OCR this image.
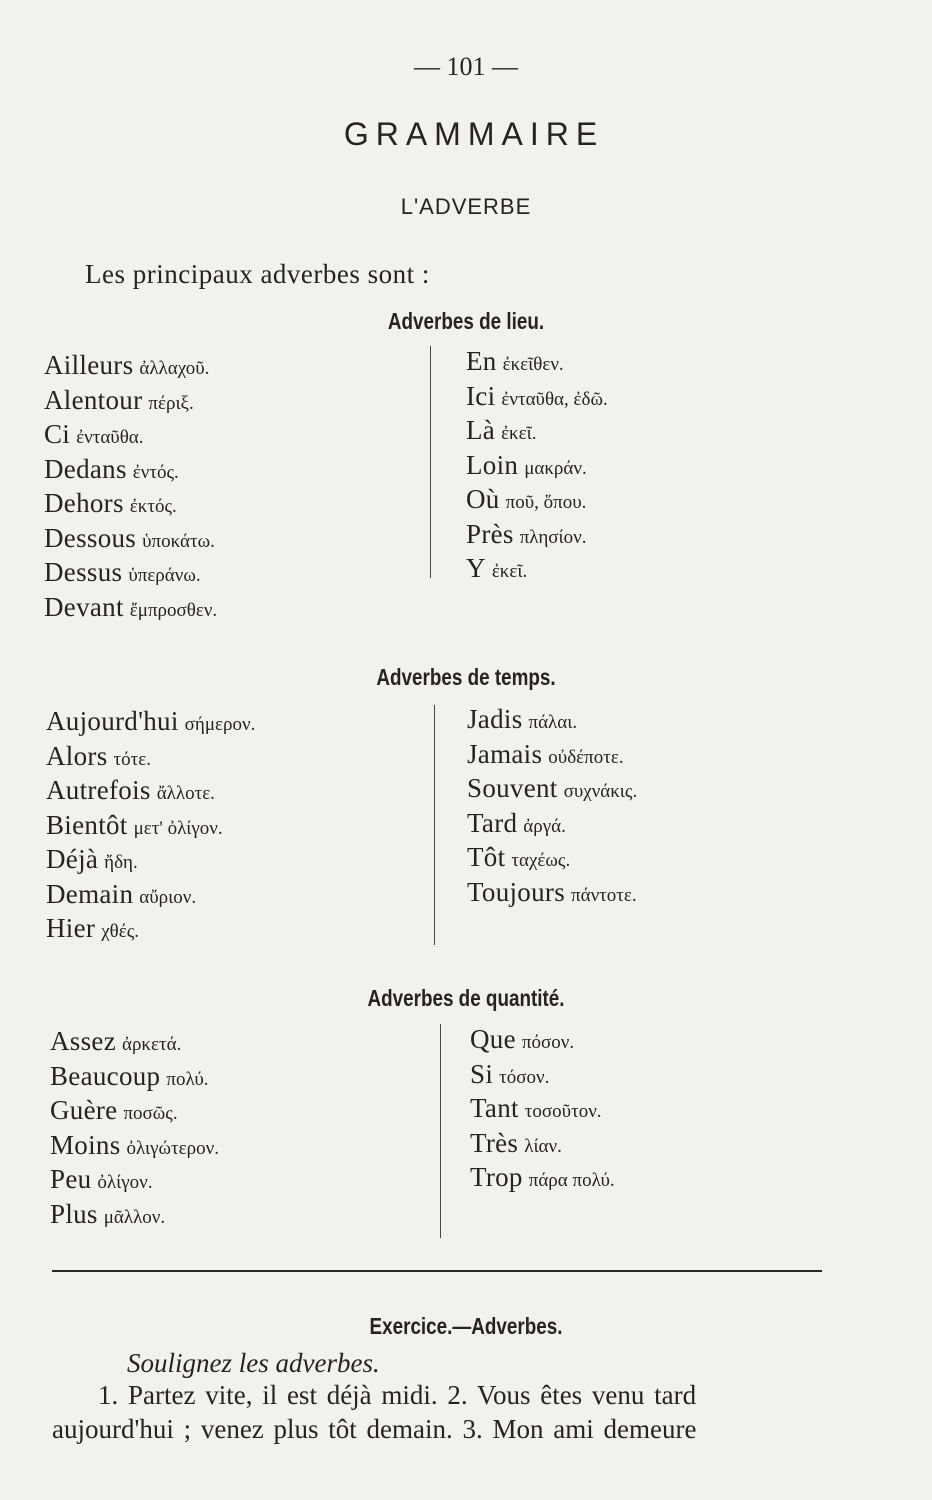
— 101 —
GRAMMAIRE
L'ADVERBE
Les principaux adverbes sont :
Adverbes de lieu.
Ailleurs ἀλλαχοῦ.
Alentour πέριξ.
Ci ἐνταῦθα.
Dedans ἐντός.
Dehors ἐκτός.
Dessous ὑποκάτω.
Dessus ὑπεράνω.
Devant ἔμπροσθεν.
En ἐκεῖθεν.
Ici ἐνταῦθα, ἐδῶ.
Là ἐκεῖ.
Loin μακράν.
Où ποῦ, ὅπου.
Près πλησίον.
Y ἐκεῖ.
Adverbes de temps.
Aujourd'hui σήμερον.
Alors τότε.
Autrefois ἄλλοτε.
Bientôt μετ' ὀλίγον.
Déjà ἤδη.
Demain αὔριον.
Hier χθές.
Jadis πάλαι.
Jamais οὐδέποτε.
Souvent συχνάκις.
Tard ἀργά.
Tôt ταχέως.
Toujours πάντοτε.
Adverbes de quantité.
Assez ἀρκετά.
Beaucoup πολύ.
Guère ποσῶς.
Moins ὀλιγώτερον.
Peu ὀλίγον.
Plus μᾶλλον.
Que πόσον.
Si τόσον.
Tant τοσοῦτον.
Très λίαν.
Trop πάρα πολύ.
Exercice.—Adverbes.
Soulignez les adverbes.
1. Partez vite, il est déjà midi. 2. Vous êtes venu tard
aujourd'hui ; venez plus tôt demain. 3. Mon ami demeure
